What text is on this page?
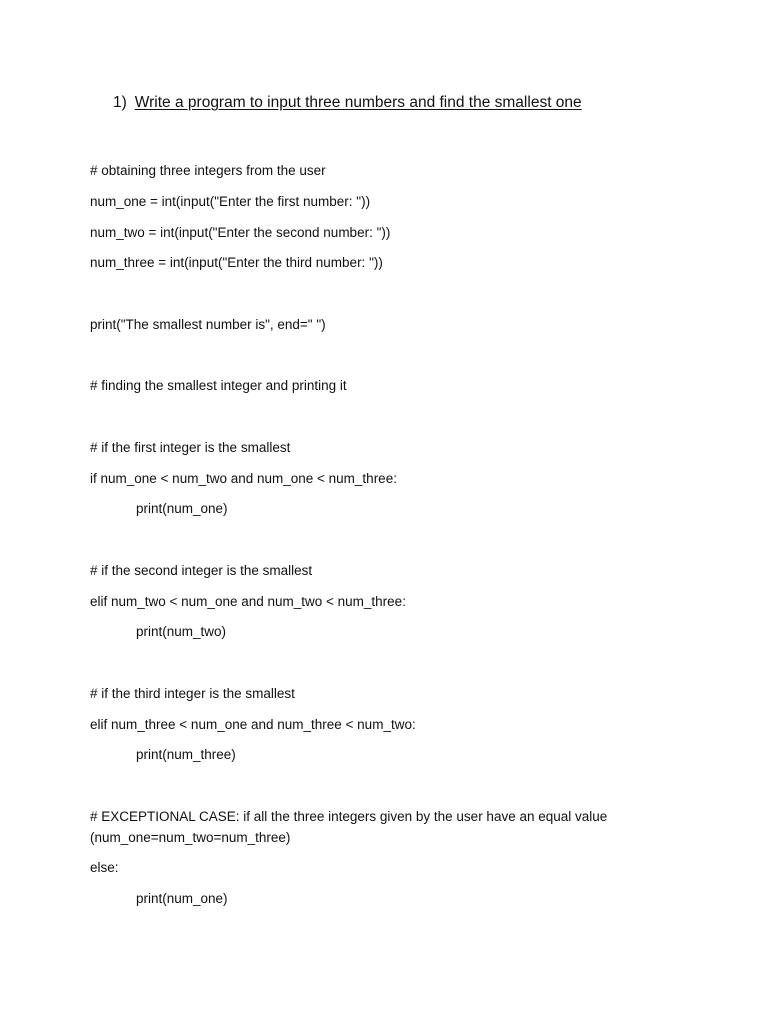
1) Write a program to input three numbers and find the smallest one
# obtaining three integers from the user
num_one = int(input("Enter the first number: "))
num_two = int(input("Enter the second number: "))
num_three = int(input("Enter the third number: "))
print("The smallest number is", end=" ")
# finding the smallest integer and printing it
# if the first integer is the smallest
if num_one < num_two and num_one < num_three:
print(num_one)
# if the second integer is the smallest
elif num_two < num_one and num_two < num_three:
print(num_two)
# if the third integer is the smallest
elif num_three < num_one and num_three < num_two:
print(num_three)
# EXCEPTIONAL CASE: if all the three integers given by the user have an equal value
(num_one=num_two=num_three)
else:
print(num_one)
